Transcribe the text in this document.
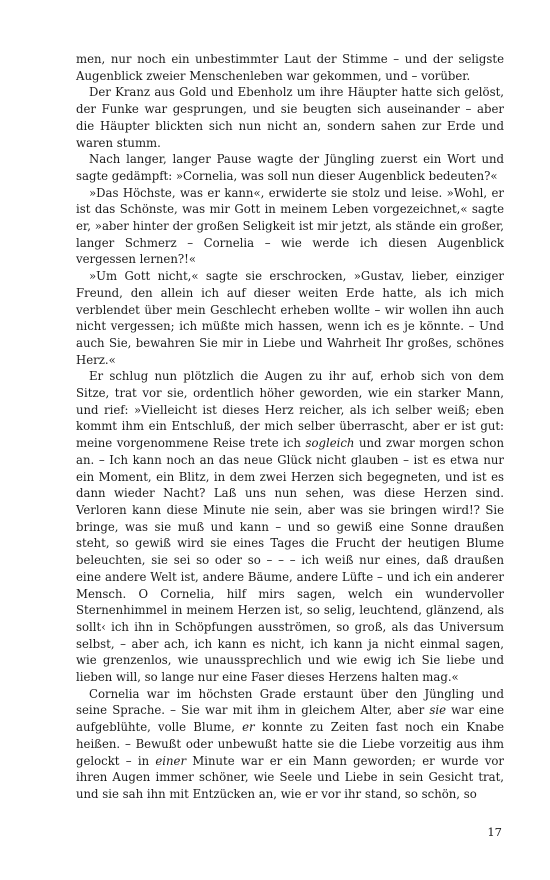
men, nur noch ein unbestimmter Laut der Stimme – und der seligste Augenblick zweier Menschenleben war gekommen, und – vorüber.

Der Kranz aus Gold und Ebenholz um ihre Häupter hatte sich gelöst, der Funke war gesprungen, und sie beugten sich auseinander – aber die Häupter blickten sich nun nicht an, sondern sahen zur Erde und waren stumm.

Nach langer, langer Pause wagte der Jüngling zuerst ein Wort und sagte gedämpft: »Cornelia, was soll nun dieser Augenblick bedeuten?«

»Das Höchste, was er kann«, erwiderte sie stolz und leise. »Wohl, er ist das Schönste, was mir Gott in meinem Leben vorgezeichnet,« sagte er, »aber hinter der großen Seligkeit ist mir jetzt, als stände ein großer, langer Schmerz – Cornelia – wie werde ich diesen Augenblick vergessen lernen?!«

»Um Gott nicht,« sagte sie erschrocken, »Gustav, lieber, einziger Freund, den allein ich auf dieser weiten Erde hatte, als ich mich verblendet über mein Geschlecht erheben wollte – wir wollen ihn auch nicht vergessen; ich müßte mich hassen, wenn ich es je könnte. – Und auch Sie, bewahren Sie mir in Liebe und Wahrheit Ihr großes, schönes Herz.«

Er schlug nun plötzlich die Augen zu ihr auf, erhob sich von dem Sitze, trat vor sie, ordentlich höher geworden, wie ein starker Mann, und rief: »Vielleicht ist dieses Herz reicher, als ich selber weiß; eben kommt ihm ein Entschluß, der mich selber überrascht, aber er ist gut: meine vorgenommene Reise trete ich sogleich und zwar morgen schon an. – Ich kann noch an das neue Glück nicht glauben – ist es etwa nur ein Moment, ein Blitz, in dem zwei Herzen sich begegneten, und ist es dann wieder Nacht? Laß uns nun sehen, was diese Herzen sind. Verloren kann diese Minute nie sein, aber was sie bringen wird!? Sie bringe, was sie muß und kann – und so gewiß eine Sonne draußen steht, so gewiß wird sie eines Tages die Frucht der heutigen Blume beleuchten, sie sei so oder so – – – ich weiß nur eines, daß draußen eine andere Welt ist, andere Bäume, andere Lüfte – und ich ein anderer Mensch. O Cornelia, hilf mirs sagen, welch ein wundervoller Sternenhimmel in meinem Herzen ist, so selig, leuchtend, glänzend, als sollt‹ ich ihn in Schöpfungen ausströmen, so groß, als das Universum selbst, – aber ach, ich kann es nicht, ich kann ja nicht einmal sagen, wie grenzenlos, wie unaussprechlich und wie ewig ich Sie liebe und lieben will, so lange nur eine Faser dieses Herzens halten mag.«

Cornelia war im höchsten Grade erstaunt über den Jüngling und seine Sprache. – Sie war mit ihm in gleichem Alter, aber sie war eine aufgeblühte, volle Blume, er konnte zu Zeiten fast noch ein Knabe heißen. – Bewußt oder unbewußt hatte sie die Liebe vorzeitig aus ihm gelockt – in einer Minute war er ein Mann geworden; er wurde vor ihren Augen immer schöner, wie Seele und Liebe in sein Gesicht trat, und sie sah ihn mit Entzücken an, wie er vor ihr stand, so schön, so

17
